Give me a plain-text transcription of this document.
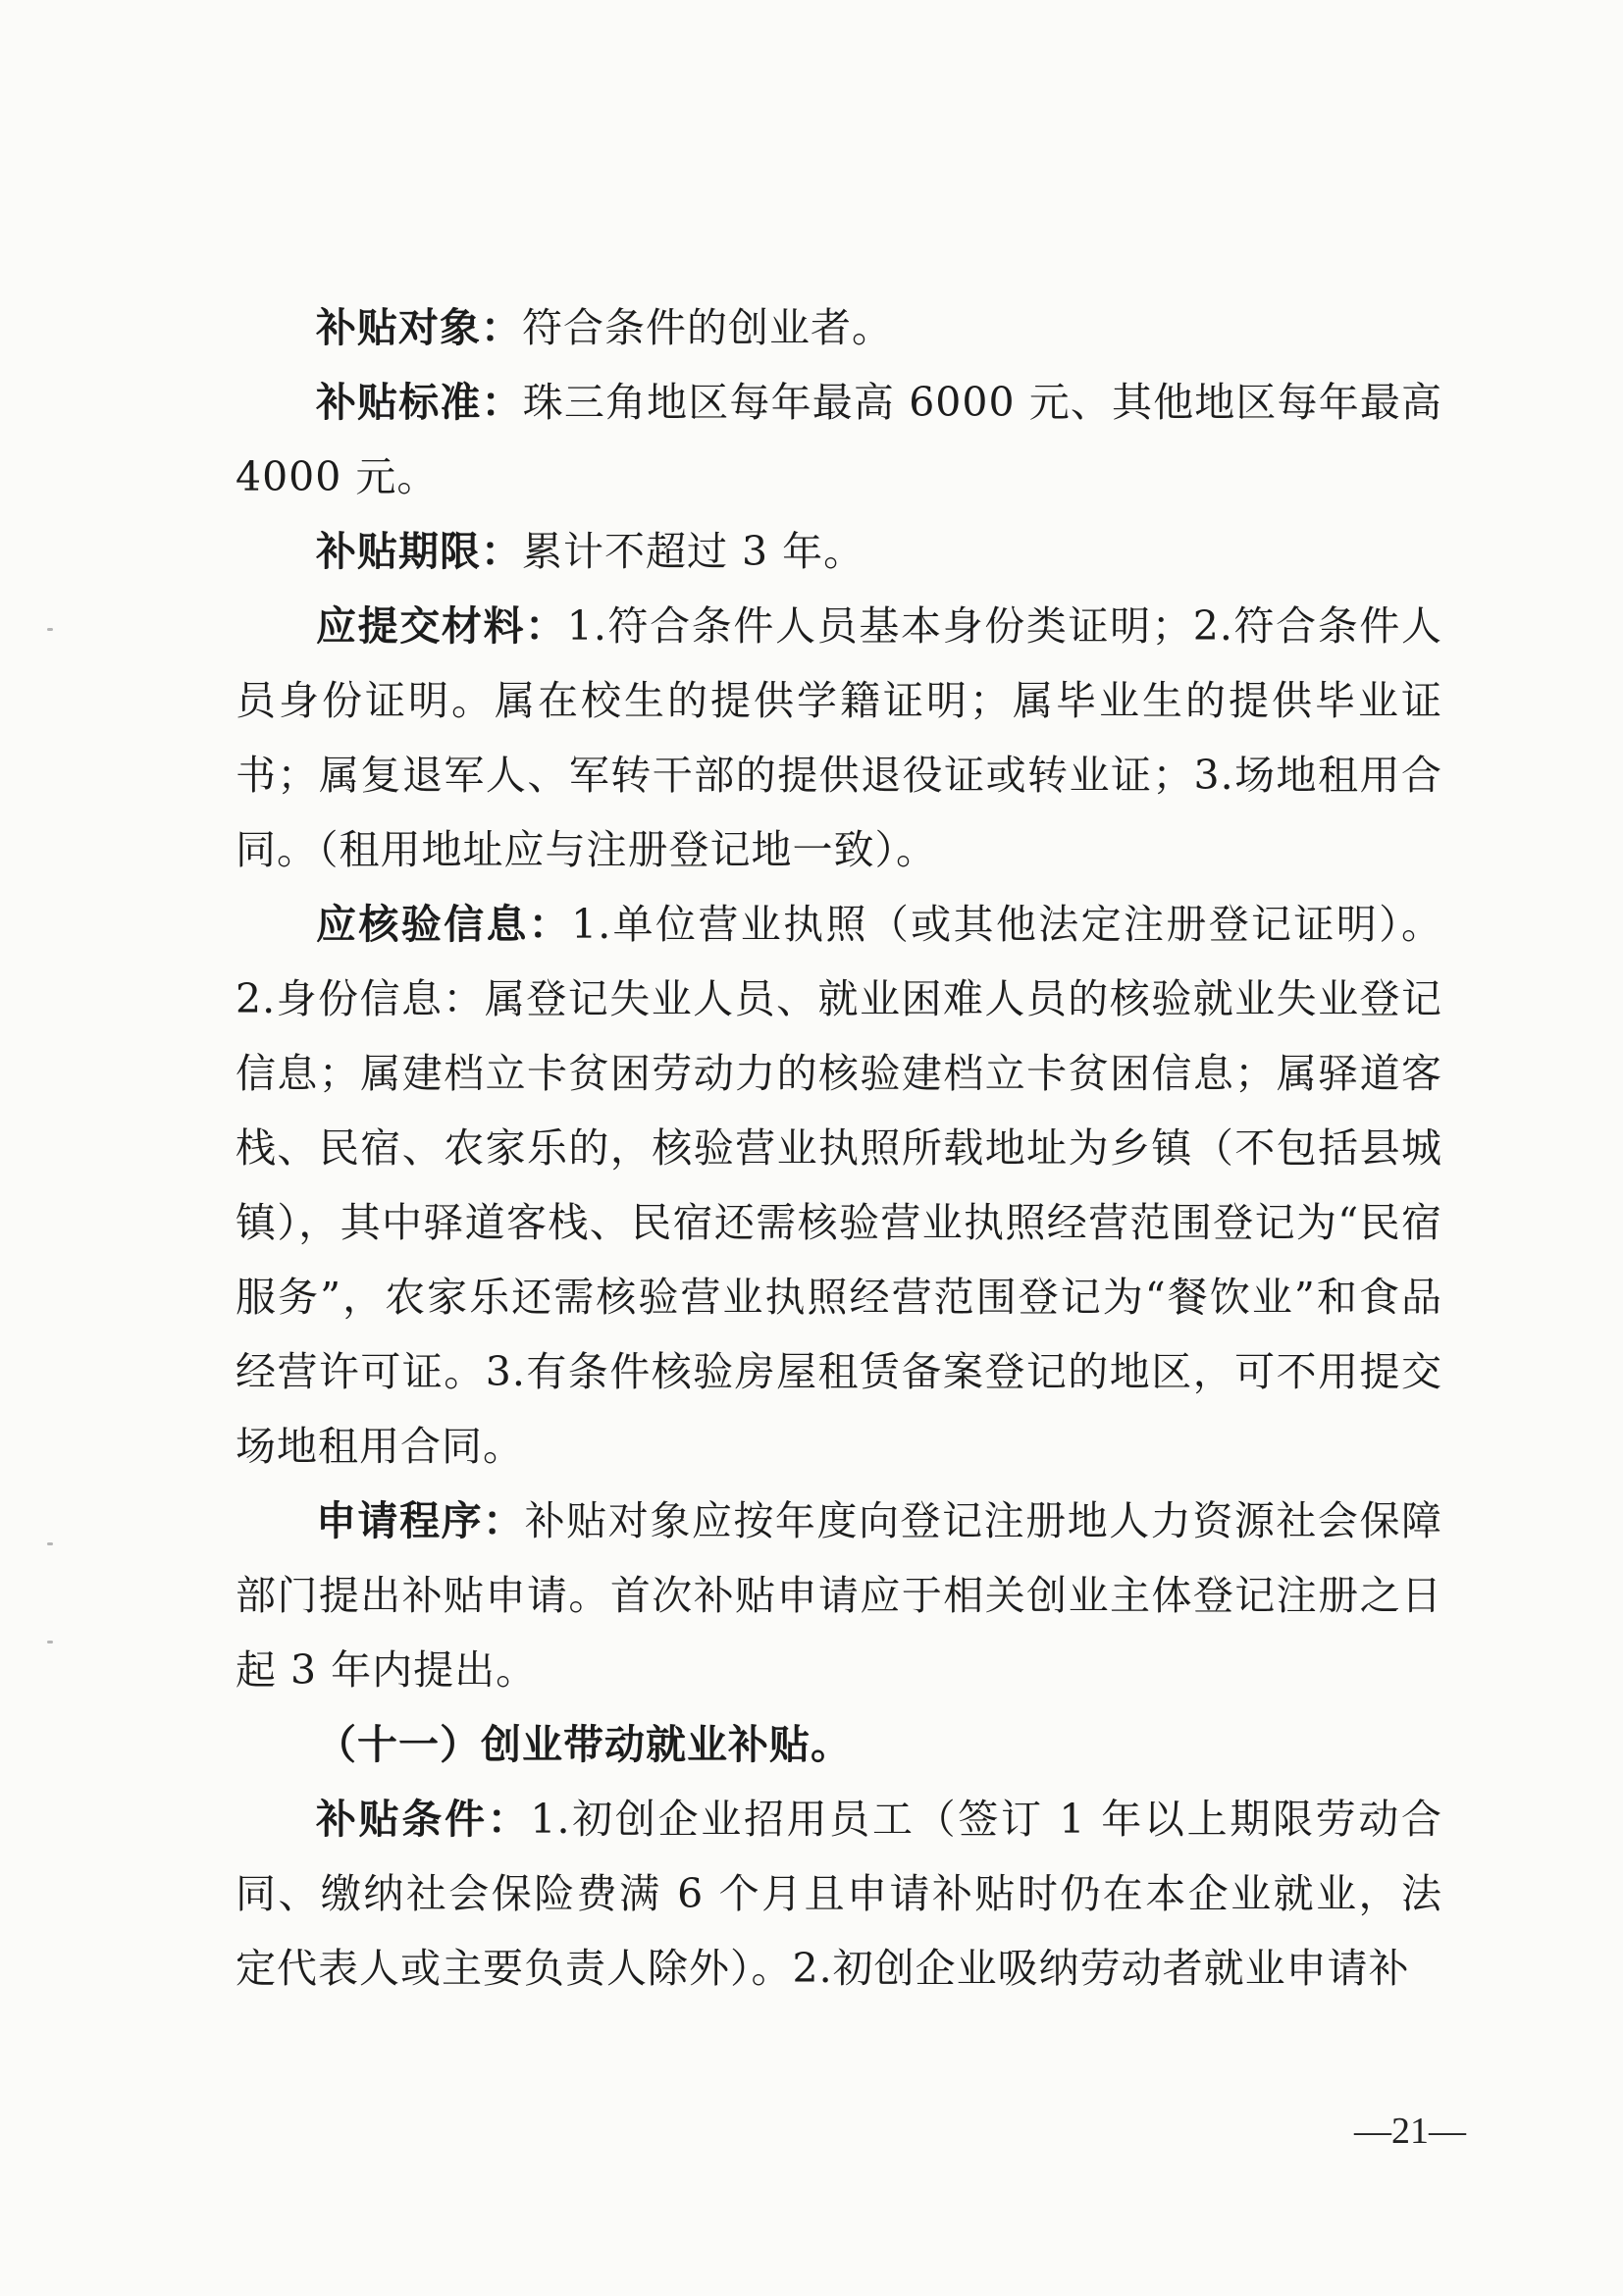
补贴对象：符合条件的创业者。

补贴标准：珠三角地区每年最高 6000 元、其他地区每年最高 4000 元。

补贴期限：累计不超过 3 年。

应提交材料：1.符合条件人员基本身份类证明；2.符合条件人员身份证明。属在校生的提供学籍证明；属毕业生的提供毕业证书；属复退军人、军转干部的提供退役证或转业证；3.场地租用合同。（租用地址应与注册登记地一致）。

应核验信息：1.单位营业执照（或其他法定注册登记证明）。2.身份信息：属登记失业人员、就业困难人员的核验就业失业登记信息；属建档立卡贫困劳动力的核验建档立卡贫困信息；属驿道客栈、民宿、农家乐的，核验营业执照所载地址为乡镇（不包括县城镇），其中驿道客栈、民宿还需核验营业执照经营范围登记为“民宿服务”，农家乐还需核验营业执照经营范围登记为“餐饮业”和食品经营许可证。3.有条件核验房屋租赁备案登记的地区，可不用提交场地租用合同。

申请程序：补贴对象应按年度向登记注册地人力资源社会保障部门提出补贴申请。首次补贴申请应于相关创业主体登记注册之日起 3 年内提出。

（十一）创业带动就业补贴。

补贴条件：1.初创企业招用员工（签订 1 年以上期限劳动合同、缴纳社会保险费满 6 个月且申请补贴时仍在本企业就业，法定代表人或主要负责人除外）。2.初创企业吸纳劳动者就业申请补

—21—
